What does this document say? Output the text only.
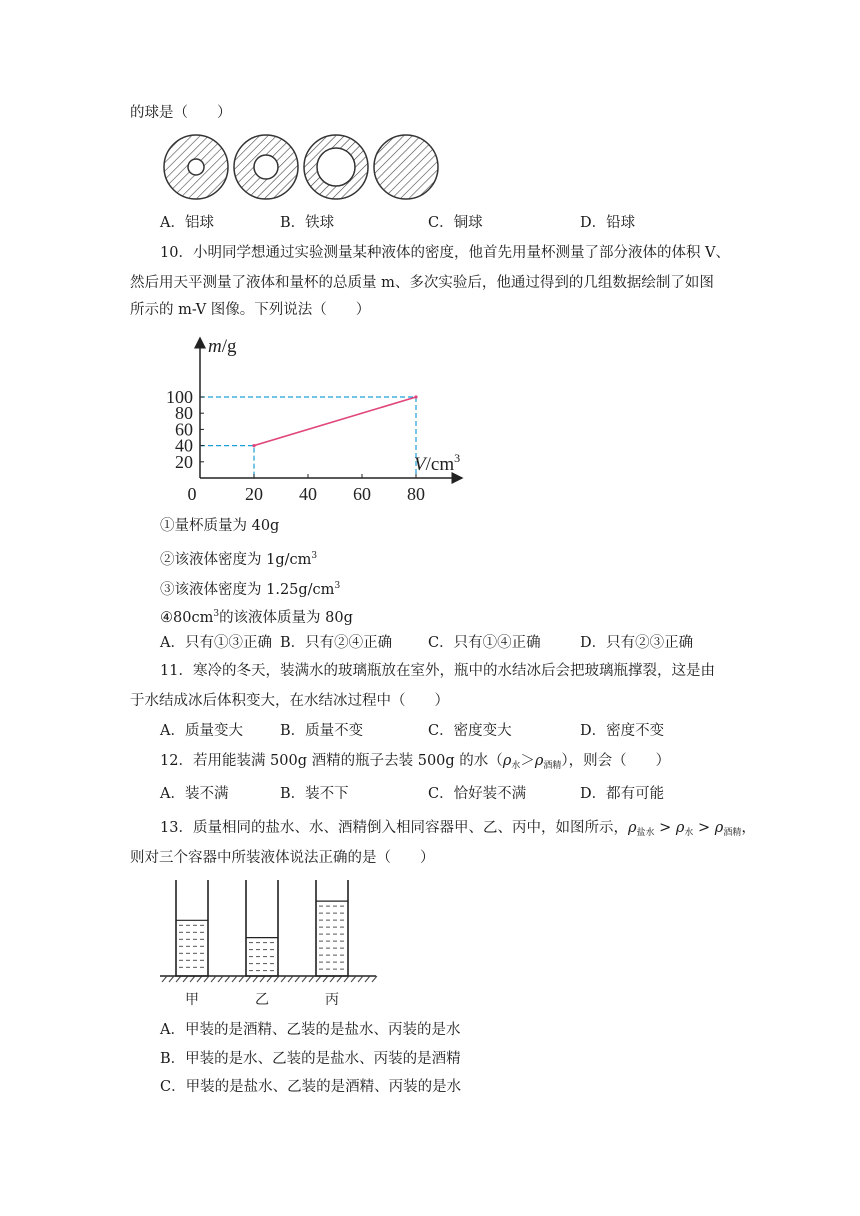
的球是（　　）
A．铝球	B．铁球	C．铜球	D．铅球
10．小明同学想通过实验测量某种液体的密度，他首先用量杯测量了部分液体的体积 V、
然后用天平测量了液体和量杯的总质量 m、多次实验后，他通过得到的几组数据绘制了如图
所示的 m-V 图像。下列说法（　　）
20
40
60
80
100
0	20 40 60 80
m/g
$V/cm^3$
①量杯质量为 40g
②该液体密度为 $1g/cm^3$
③该液体密度为 $1.25g/cm^3$
$④80cm^3$的该液体质量为 80g
A．只有①③正确 B．只有②④正确 C．只有①④正确	D．只有②③正确
11．寒冷的冬天，装满水的玻璃瓶放在室外，瓶中的水结冰后会把玻璃瓶撑裂，这是由
于水结成冰后体积变大，在水结冰过程中（　　）
A．质量变大	B．质量不变	C．密度变大	D．密度不变
12．若用能装满 500g 酒精的瓶子去装 500g 的水$(\rho_水>\rho_{酒精})$，则会（　　）
A．装不满	B．装不下	C．恰好装不满	D．都有可能
13．质量相同的盐水、水、酒精倒入相同容器甲、乙、丙中，如图所示，$\rho_{盐水} > \rho_水 > \rho_{酒精}$，
则对三个容器中所装液体说法正确的是（　　）
甲	乙	丙
A．甲装的是酒精、乙装的是盐水、丙装的是水
B．甲装的是水、乙装的是盐水、丙装的是酒精
C．甲装的是盐水、乙装的是酒精、丙装的是水
